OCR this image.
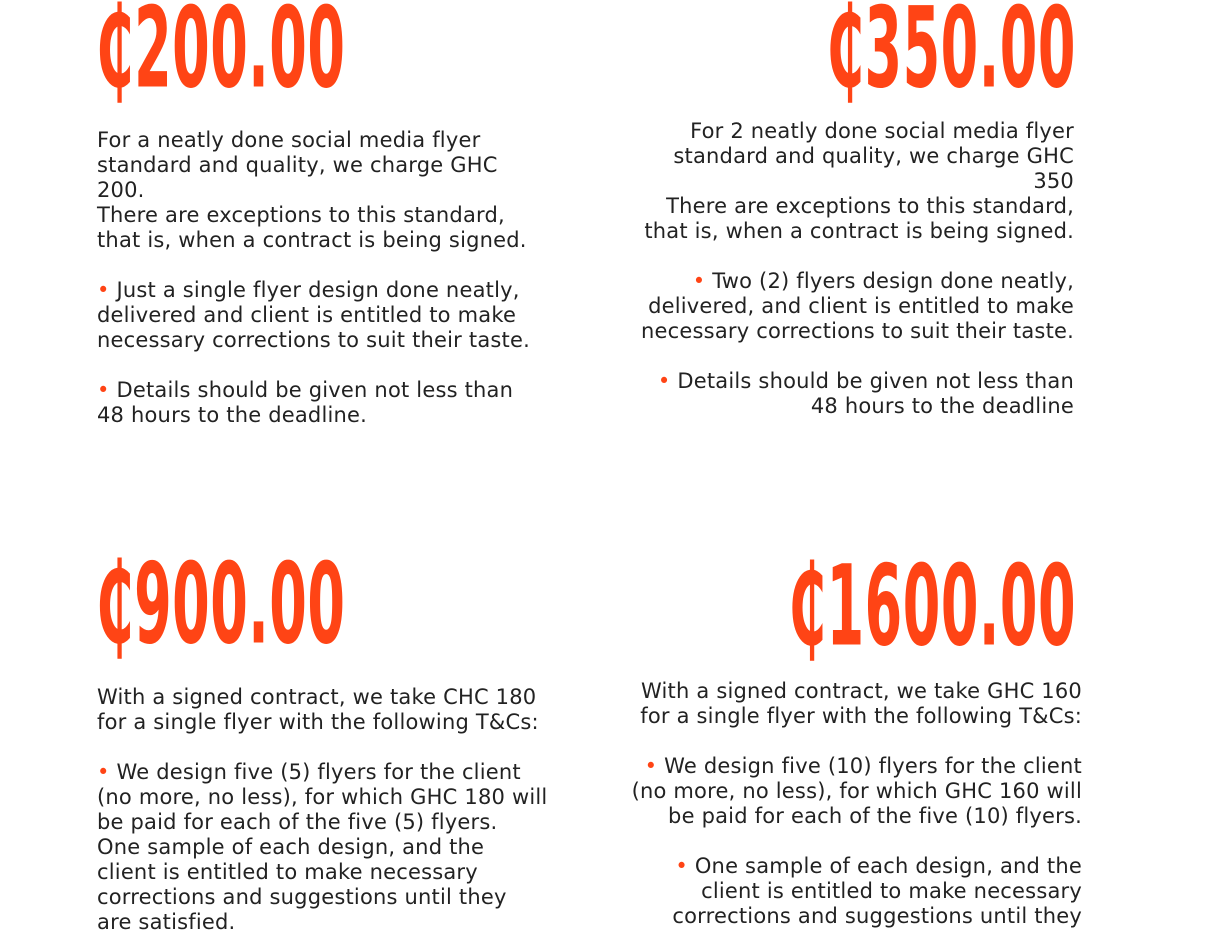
₵200.00

For a neatly done social media flyer

standard and quality, we charge GHC

200.

There are exceptions to this standard,

that is, when a contract is being signed.

• Just a single flyer design done neatly,

delivered and client is entitled to make

necessary corrections to suit their taste.

• Details should be given not less than

48 hours to the deadline.

₵350.00

For 2 neatly done social media flyer

standard and quality, we charge GHC

350

There are exceptions to this standard,

that is, when a contract is being signed.

• Two (2) flyers design done neatly,

delivered, and client is entitled to make

necessary corrections to suit their taste.

• Details should be given not less than

48 hours to the deadline

₵900.00

With a signed contract, we take CHC 180

for a single flyer with the following T&Cs:

• We design five (5) flyers for the client

(no more, no less), for which GHC 180 will

be paid for each of the five (5) flyers.

One sample of each design, and the

client is entitled to make necessary

corrections and suggestions until they

are satisfied.

₵1600.00

With a signed contract, we take GHC 160

for a single flyer with the following T&Cs:

• We design five (10) flyers for the client

(no more, no less), for which GHC 160 will

be paid for each of the five (10) flyers.

• One sample of each design, and the

client is entitled to make necessary

corrections and suggestions until they
